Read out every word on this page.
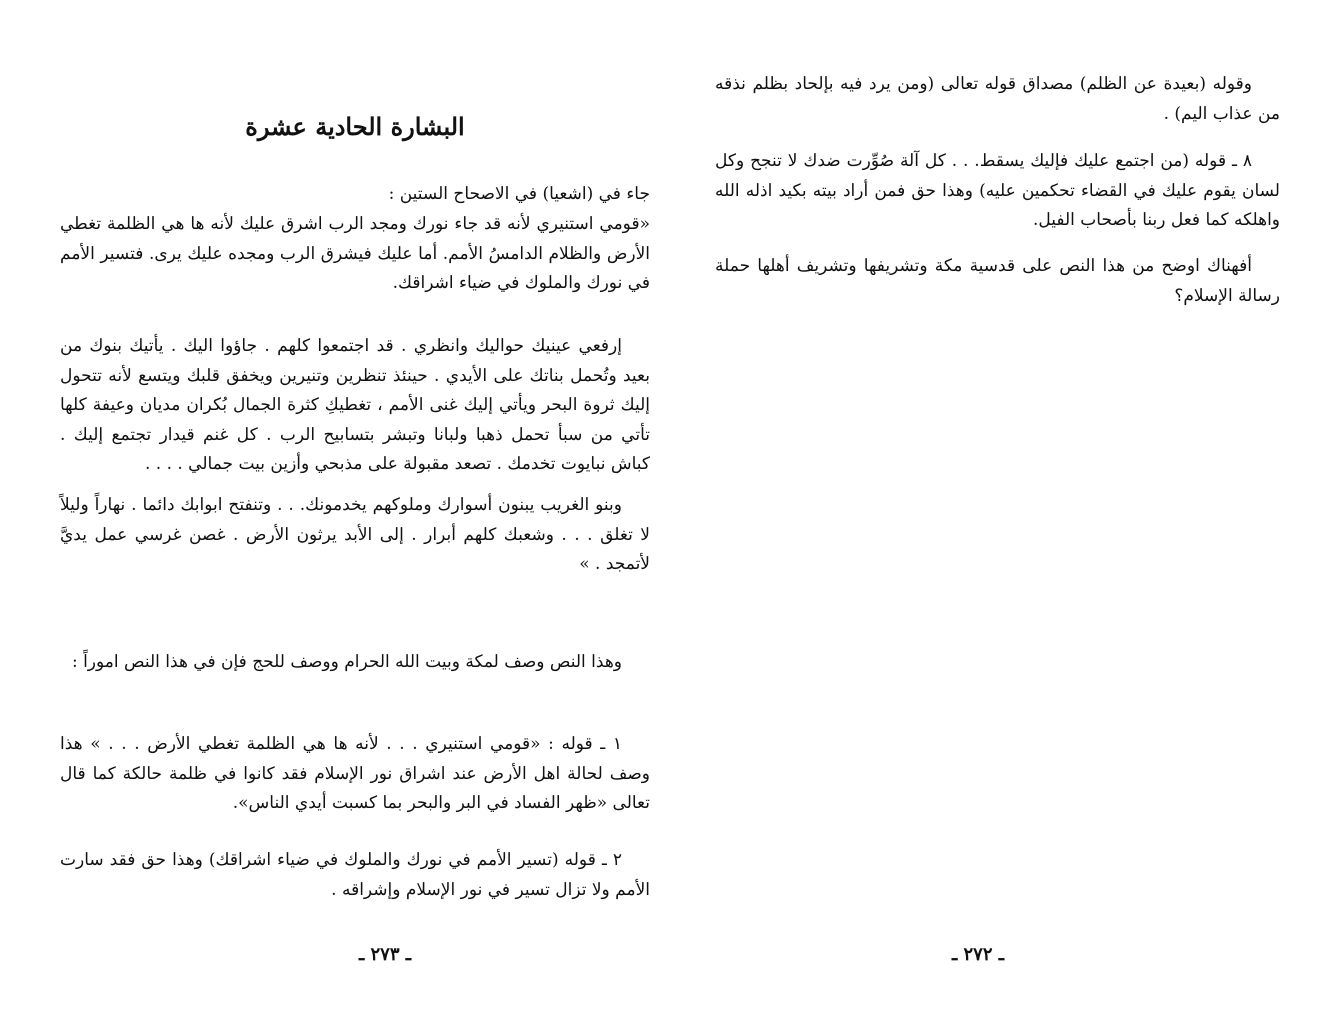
البشارة الحادية عشرة

جاء في (اشعيا) في الاصحاح الستين :

«قومي استنيري لأنه قد جاء نورك ومجد الرب اشرق عليك لأنه ها هي الظلمة تغطي الأرض والظلام الدامسُ الأمم. أما عليك فيشرق الرب ومجده عليك يرى. فتسير الأمم في نورك والملوك في ضياء اشراقك.

إرفعي عينيك حواليك وانظري . قد اجتمعوا كلهم . جاؤوا اليك . يأتيك بنوك من بعيد وتُحمل بناتك على الأيدي . حينئذ تنظرين وتنيرين ويخفق قلبك ويتسع لأنه تتحول إليك ثروة البحر ويأتي إليك غنى الأمم ، تغطيكِ كثرة الجمال بُكران مديان وعيفة كلها تأتي من سبأ تحمل ذهبا ولبانا وتبشر بتسابيح الرب . كل غنم قيدار تجتمع إليك . كباش نبايوت تخدمك . تصعد مقبولة على مذبحي وأزين بيت جمالي . . . .

وبنو الغريب يبنون أسوارك وملوكهم يخدمونك. . . وتنفتح ابوابك دائما . نهاراً وليلاً لا تغلق . . . وشعبك كلهم أبرار . إلى الأبد يرثون الأرض . غصن غرسي عمل يديَّ لأتمجد . »

وهذا النص وصف لمكة وبيت الله الحرام ووصف للحج فإن في هذا النص اموراً :

١ ـ قوله : «قومي استنيري . . . لأنه ها هي الظلمة تغطي الأرض . . . » هذا وصف لحالة اهل الأرض عند اشراق نور الإسلام فقد كانوا في ظلمة حالكة كما قال تعالى «ظهر الفساد في البر والبحر بما كسبت أيدي الناس».

٢ ـ قوله (تسير الأمم في نورك والملوك في ضياء اشراقك) وهذا حق فقد سارت الأمم ولا تزال تسير في نور الإسلام وإشراقه .

ـ ٢٧٣ ـ

وقوله (بعيدة عن الظلم) مصداق قوله تعالى (ومن يرد فيه بإلحاد بظلم نذقه من عذاب اليم) .

٨ ـ قوله (من اجتمع عليك فإليك يسقط. . . كل آلة صُوِّرت ضدك لا تنجح وكل لسان يقوم عليك في القضاء تحكمين عليه) وهذا حق فمن أراد بيته بكيد اذله الله واهلكه كما فعل ربنا بأصحاب الفيل.

أفهناك اوضح من هذا النص على قدسية مكة وتشريفها وتشريف أهلها حملة رسالة الإسلام؟

ـ ٢٧٢ ـ
